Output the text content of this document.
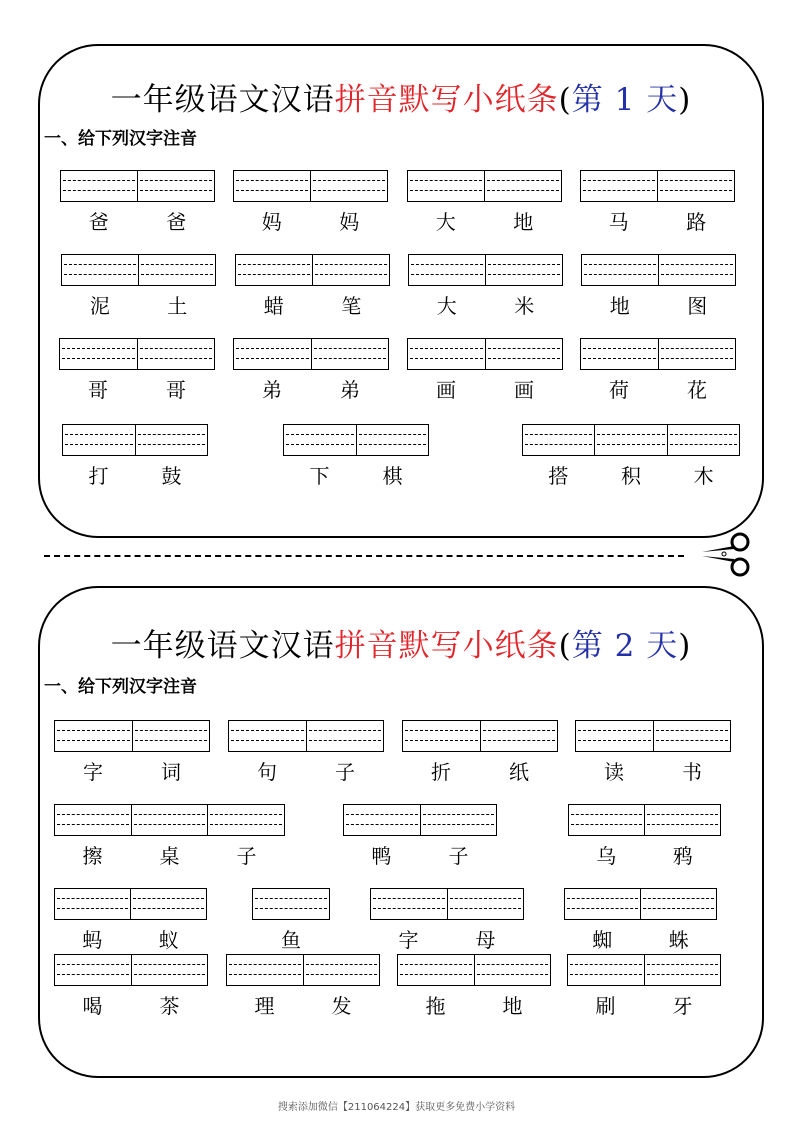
一年级语文汉语拼音默写小纸条(第 1 天)
一、给下列汉字注音
爸	爸	妈	妈	大	地	马	路
泥	土	蜡	笔	大	米	地	图
哥	哥	弟	弟	画	画	荷	花
打	鼓	下	棋	搭	积	木
一年级语文汉语拼音默写小纸条(第 2 天)
一、给下列汉字注音
字	词	句	子	折	纸	读	书
擦	桌	子	鸭	子	乌	鸦
蚂	蚁	鱼	字	母	蜘	蛛
喝	茶	理	发	拖	地	刷	牙
搜索添加微信【211064224】获取更多免费小学资料
